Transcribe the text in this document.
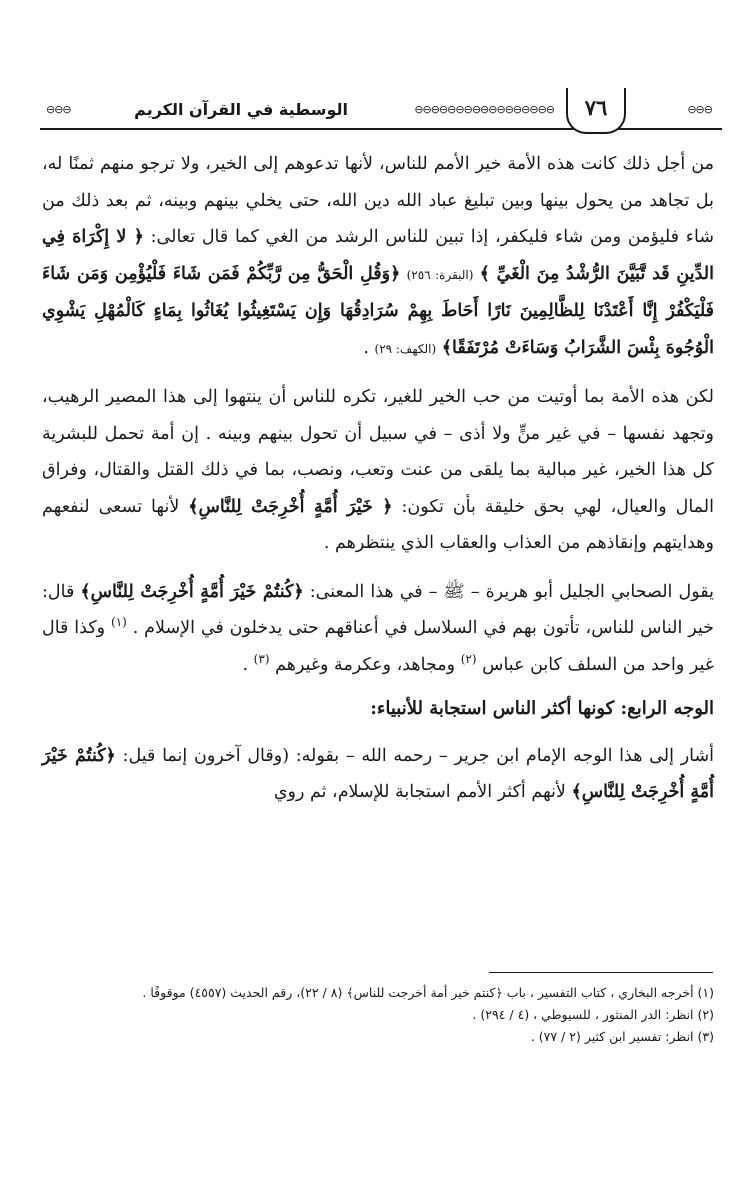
⊖⊖⊖
٧٦
⊖⊖⊖⊖⊖⊖⊖⊖⊖⊖⊖⊖⊖⊖⊖⊖⊖
الوسطية في القرآن الكريم
⊖⊖⊖

من أجل ذلك كانت هذه الأمة خير الأمم للناس، لأنها تدعوهم إلى الخير، ولا ترجو منهم ثمنًا له، بل تجاهد من يحول بينها وبين تبليغ عباد الله دين الله، حتى يخلي بينهم وبينه، ثم بعد ذلك من شاء فليؤمن ومن شاء فليكفر، إذا تبين للناس الرشد من الغي كما قال تعالى: ﴿ لا إِكْرَاهَ فِي الدِّينِ قَد تَّبَيَّنَ الرُّشْدُ مِنَ الْغَيِّ ﴾ (البقرة: ٢٥٦) ﴿وَقُلِ الْحَقُّ مِن رَّبِّكُمْ فَمَن شَاءَ فَلْيُؤْمِن وَمَن شَاءَ فَلْيَكْفُرْ إِنَّا أَعْتَدْنَا لِلظَّالِمِينَ نَارًا أَحَاطَ بِهِمْ سُرَادِقُهَا وَإِن يَسْتَغِيثُوا يُغَاثُوا بِمَاءٍ كَالْمُهْلِ يَشْوِي الْوُجُوهَ بِئْسَ الشَّرَابُ وَسَاءَتْ مُرْتَفَقًا﴾ (الكهف: ٢٩) .

لكن هذه الأمة بما أوتيت من حب الخير للغير، تكره للناس أن ينتهوا إلى هذا المصير الرهيب، وتجهد نفسها – في غير منٍّ ولا أذى – في سبيل أن تحول بينهم وبينه . إن أمة تحمل للبشرية كل هذا الخير، غير مبالية بما يلقى من عنت وتعب، ونصب، بما في ذلك القتل والقتال، وفراق المال والعيال، لهي بحق خليقة بأن تكون: ﴿ خَيْرَ أُمَّةٍ أُخْرِجَتْ لِلنَّاسِ﴾ لأنها تسعى لنفعهم وهدايتهم وإنقاذهم من العذاب والعقاب الذي ينتظرهم .

يقول الصحابي الجليل أبو هريرة – ﷺ – في هذا المعنى: ﴿كُنتُمْ خَيْرَ أُمَّةٍ أُخْرِجَتْ لِلنَّاسِ﴾ قال: خير الناس للناس، تأتون بهم في السلاسل في أعناقهم حتى يدخلون في الإسلام . $^{(١)}$ وكذا قال غير واحد من السلف كابن عباس $^{(٢)}$ ومجاهد، وعكرمة وغيرهم $^{(٣)}$ .

الوجه الرابع: كونها أكثر الناس استجابة للأنبياء:

أشار إلى هذا الوجه الإمام ابن جرير – رحمه الله – بقوله: (وقال آخرون إنما قيل: ﴿كُنتُمْ خَيْرَ أُمَّةٍ أُخْرِجَتْ لِلنَّاسِ﴾ لأنهم أكثر الأمم استجابة للإسلام، ثم روي

(١) أخرجه البخاري ، كتاب التفسير ، باب ﴿كنتم خير أمة أخرجت للناس﴾ (٨ / ٢٢)، رقم الحديث (٤٥٥٧) موقوفًا .

(٢) انظر: الدر المنثور ، للسيوطي ، (٤ / ٢٩٤) .

(٣) انظر: تفسير ابن كثير (٢ / ٧٧) .
